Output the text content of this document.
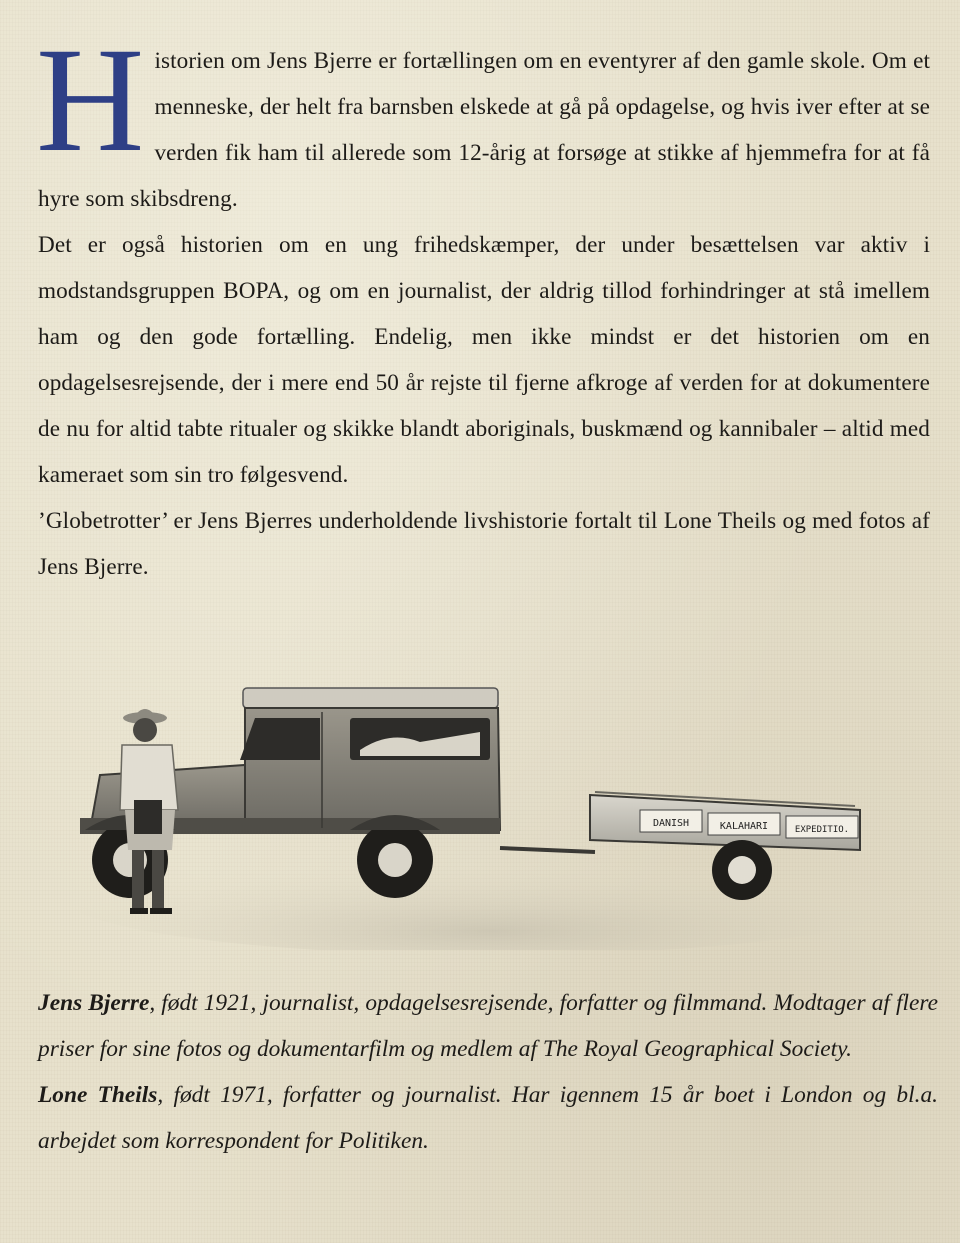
Historien om Jens Bjerre er fortællingen om en eventyrer af den gamle skole. Om et menneske, der helt fra barnsben elskede at gå på opdagelse, og hvis iver efter at se verden fik ham til allerede som 12-årig at forsøge at stikke af hjemmefra for at få hyre som skibsdreng.

Det er også historien om en ung frihedskæmper, der under besættelsen var aktiv i modstandsgruppen BOPA, og om en journalist, der aldrig tillod forhindringer at stå imellem ham og den gode fortælling. Endelig, men ikke mindst er det historien om en opdagelsesrejsende, der i mere end 50 år rejste til fjerne afkroge af verden for at dokumentere de nu for altid tabte ritualer og skikke blandt aboriginals, buskmænd og kannibaler – altid med kameraet som sin tro følgesvend.

’Globetrotter’ er Jens Bjerres underholdende livshistorie fortalt til Lone Theils og med fotos af Jens Bjerre.

DANISH	KALAHARI	EXPEDITIO.

Jens Bjerre, født 1921, journalist, opdagelsesrejsende, forfatter og filmmand. Modtager af flere priser for sine fotos og dokumentarfilm og medlem af The Royal Geographical Society.

Lone Theils, født 1971, forfatter og journalist. Har igennem 15 år boet i London og bl.a. arbejdet som korrespondent for Politiken.
